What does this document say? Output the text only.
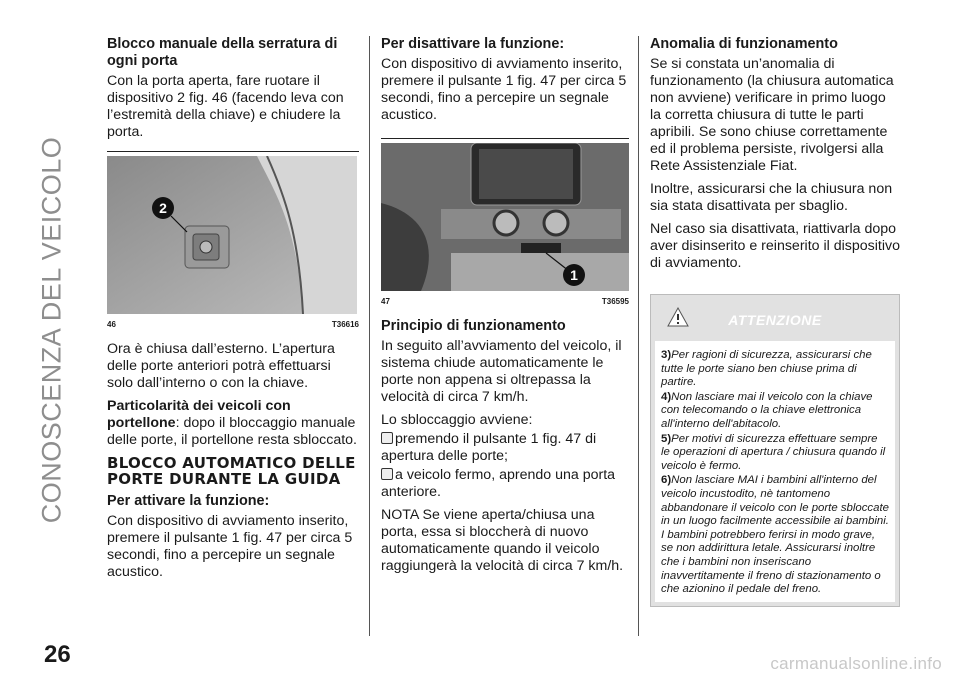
CONOSCENZA DEL VEICOLO
Blocco manuale della serratura di ogni porta

Con la porta aperta, fare ruotare il dispositivo 2 fig. 46 (facendo leva con l’estremità della chiave) e chiudere la porta.

2
46	T36616

Ora è chiusa dall’esterno. L’apertura delle porte anteriori potrà effettuarsi solo dall’interno o con la chiave.

Particolarità dei veicoli con portellone: dopo il bloccaggio manuale delle porte, il portellone resta sbloccato.

BLOCCO AUTOMATICO DELLE PORTE DURANTE LA GUIDA
Per attivare la funzione:

Con dispositivo di avviamento inserito, premere il pulsante 1 fig. 47 per circa 5 secondi, fino a percepire un segnale acustico.

Per disattivare la funzione:

Con dispositivo di avviamento inserito, premere il pulsante 1 fig. 47 per circa 5 secondi, fino a percepire un segnale acustico.

1
47	T36595
Principio di funzionamento

In seguito all’avviamento del veicolo, il sistema chiude automaticamente le porte non appena si oltrepassa la velocità di circa 7 km/h.

Lo sbloccaggio avviene:

premendo il pulsante 1 fig. 47 di apertura delle porte;

a veicolo fermo, aprendo una porta anteriore.

NOTA Se viene aperta/chiusa una porta, essa si bloccherà di nuovo automaticamente quando il veicolo raggiungerà la velocità di circa 7 km/h.

Anomalia di funzionamento

Se si constata un’anomalia di funzionamento (la chiusura automatica non avviene) verificare in primo luogo la corretta chiusura di tutte le parti apribili. Se sono chiuse correttamente ed il problema persiste, rivolgersi alla Rete Assistenziale Fiat.

Inoltre, assicurarsi che la chiusura non sia stata disattivata per sbaglio.

Nel caso sia disattivata, riattivarla dopo aver disinserito e reinserito il dispositivo di avviamento.

ATTENZIONE

3)Per ragioni di sicurezza, assicurarsi che tutte le porte siano ben chiuse prima di partire.

4)Non lasciare mai il veicolo con la chiave con telecomando o la chiave elettronica all'interno dell'abitacolo.

5)Per motivi di sicurezza effettuare sempre le operazioni di apertura / chiusura quando il veicolo è fermo.

6)Non lasciare MAI i bambini all'interno del veicolo incustodito, nè tantomeno abbandonare il veicolo con le porte sbloccate in un luogo facilmente accessibile ai bambini. I bambini potrebbero ferirsi in modo grave, se non addirittura letale. Assicurarsi inoltre che i bambini non inseriscano inavvertitamente il freno di stazionamento o che azionino il pedale del freno.

26	carmanualsonline.info
